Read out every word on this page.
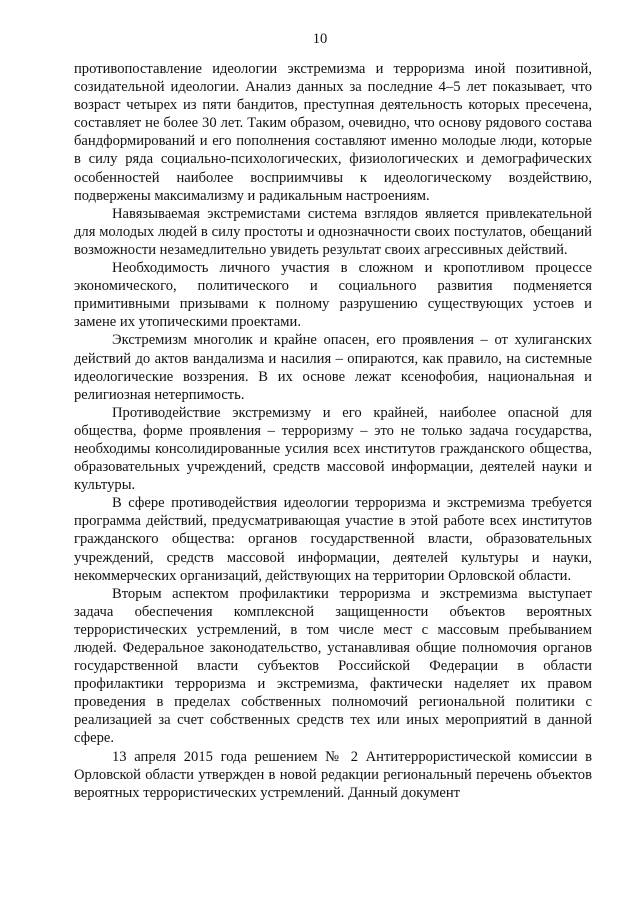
10

противопоставление идеологии экстремизма и терроризма иной позитивной, созидательной идеологии. Анализ данных за последние 4–5 лет показывает, что возраст четырех из пяти бандитов, преступная деятельность которых пресечена, составляет не более 30 лет. Таким образом, очевидно, что основу рядового состава бандформирований и его пополнения составляют именно молодые люди, которые в силу ряда социально-психологических, физиологических и демографических особенностей наиболее восприимчивы к идеологическому воздействию, подвержены максимализму и радикальным настроениям.

Навязываемая экстремистами система взглядов является привлекательной для молодых людей в силу простоты и однозначности своих постулатов, обещаний возможности незамедлительно увидеть результат своих агрессивных действий.

Необходимость личного участия в сложном и кропотливом процессе экономического, политического и социального развития подменяется примитивными призывами к полному разрушению существующих устоев и замене их утопическими проектами.

Экстремизм многолик и крайне опасен, его проявления – от хулиганских действий до актов вандализма и насилия – опираются, как правило, на системные идеологические воззрения. В их основе лежат ксенофобия, национальная и религиозная нетерпимость.

Противодействие экстремизму и его крайней, наиболее опасной для общества, форме проявления – терроризму – это не только задача государства, необходимы консолидированные усилия всех институтов гражданского общества, образовательных учреждений, средств массовой информации, деятелей науки и культуры.

В сфере противодействия идеологии терроризма и экстремизма требуется программа действий, предусматривающая участие в этой работе всех институтов гражданского общества: органов государственной власти, образовательных учреждений, средств массовой информации, деятелей культуры и науки, некоммерческих организаций, действующих на территории Орловской области.

Вторым аспектом профилактики терроризма и экстремизма выступает задача обеспечения комплексной защищенности объектов вероятных террористических устремлений, в том числе мест с массовым пребыванием людей. Федеральное законодательство, устанавливая общие полномочия органов государственной власти субъектов Российской Федерации в области профилактики терроризма и экстремизма, фактически наделяет их правом проведения в пределах собственных полномочий региональной политики с реализацией за счет собственных средств тех или иных мероприятий в данной сфере.

13 апреля 2015 года решением № 2 Антитеррористической комиссии в Орловской области утвержден в новой редакции региональный перечень объектов вероятных террористических устремлений. Данный документ
